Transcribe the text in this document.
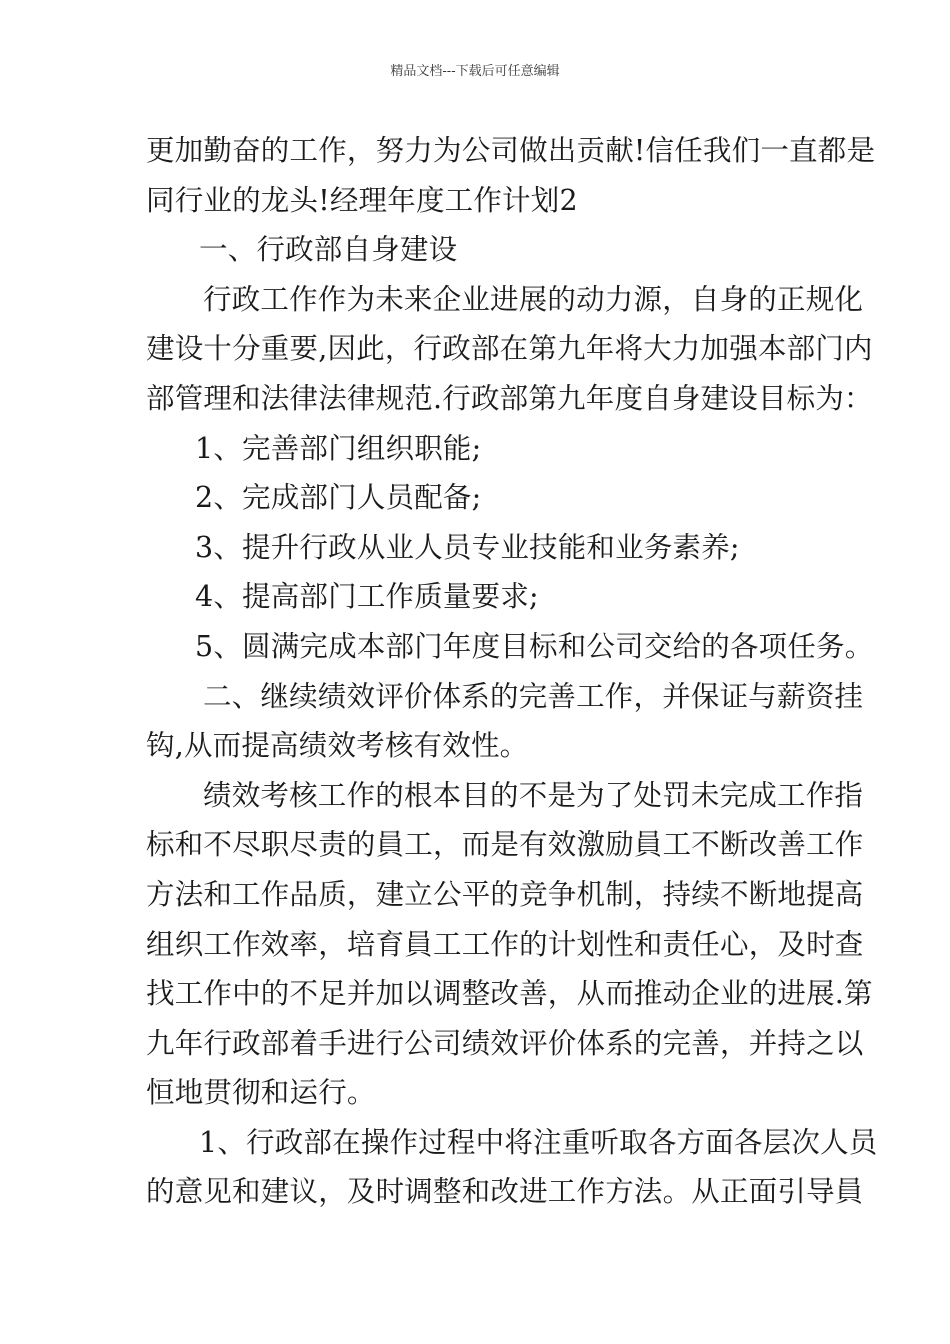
精品文档---下载后可任意编辑
更加勤奋的工作，努力为公司做出贡献!信任我们一直都是
同行业的龙头!经理年度工作计划2
一、行政部自身建设
行政工作作为未来企业进展的动力源，自身的正规化
建设十分重要,因此，行政部在第九年将大力加强本部门内
部管理和法律法律规范.行政部第九年度自身建设目标为：
1、完善部门组织职能;
2、完成部门人员配备;
3、提升行政从业人员专业技能和业务素养;
4、提高部门工作质量要求;
5、圆满完成本部门年度目标和公司交给的各项任务。
二、继续绩效评价体系的完善工作，并保证与薪资挂
钩,从而提高绩效考核有效性。
绩效考核工作的根本目的不是为了处罚未完成工作指
标和不尽职尽责的員工，而是有效激励員工不断改善工作
方法和工作品质，建立公平的竞争机制，持续不断地提高
组织工作效率，培育員工工作的计划性和责任心，及时查
找工作中的不足并加以调整改善，从而推动企业的进展.第
九年行政部着手进行公司绩效评价体系的完善，并持之以
恒地贯彻和运行。
1、行政部在操作过程中将注重听取各方面各层次人员
的意见和建议，及时调整和改进工作方法。从正面引导員
